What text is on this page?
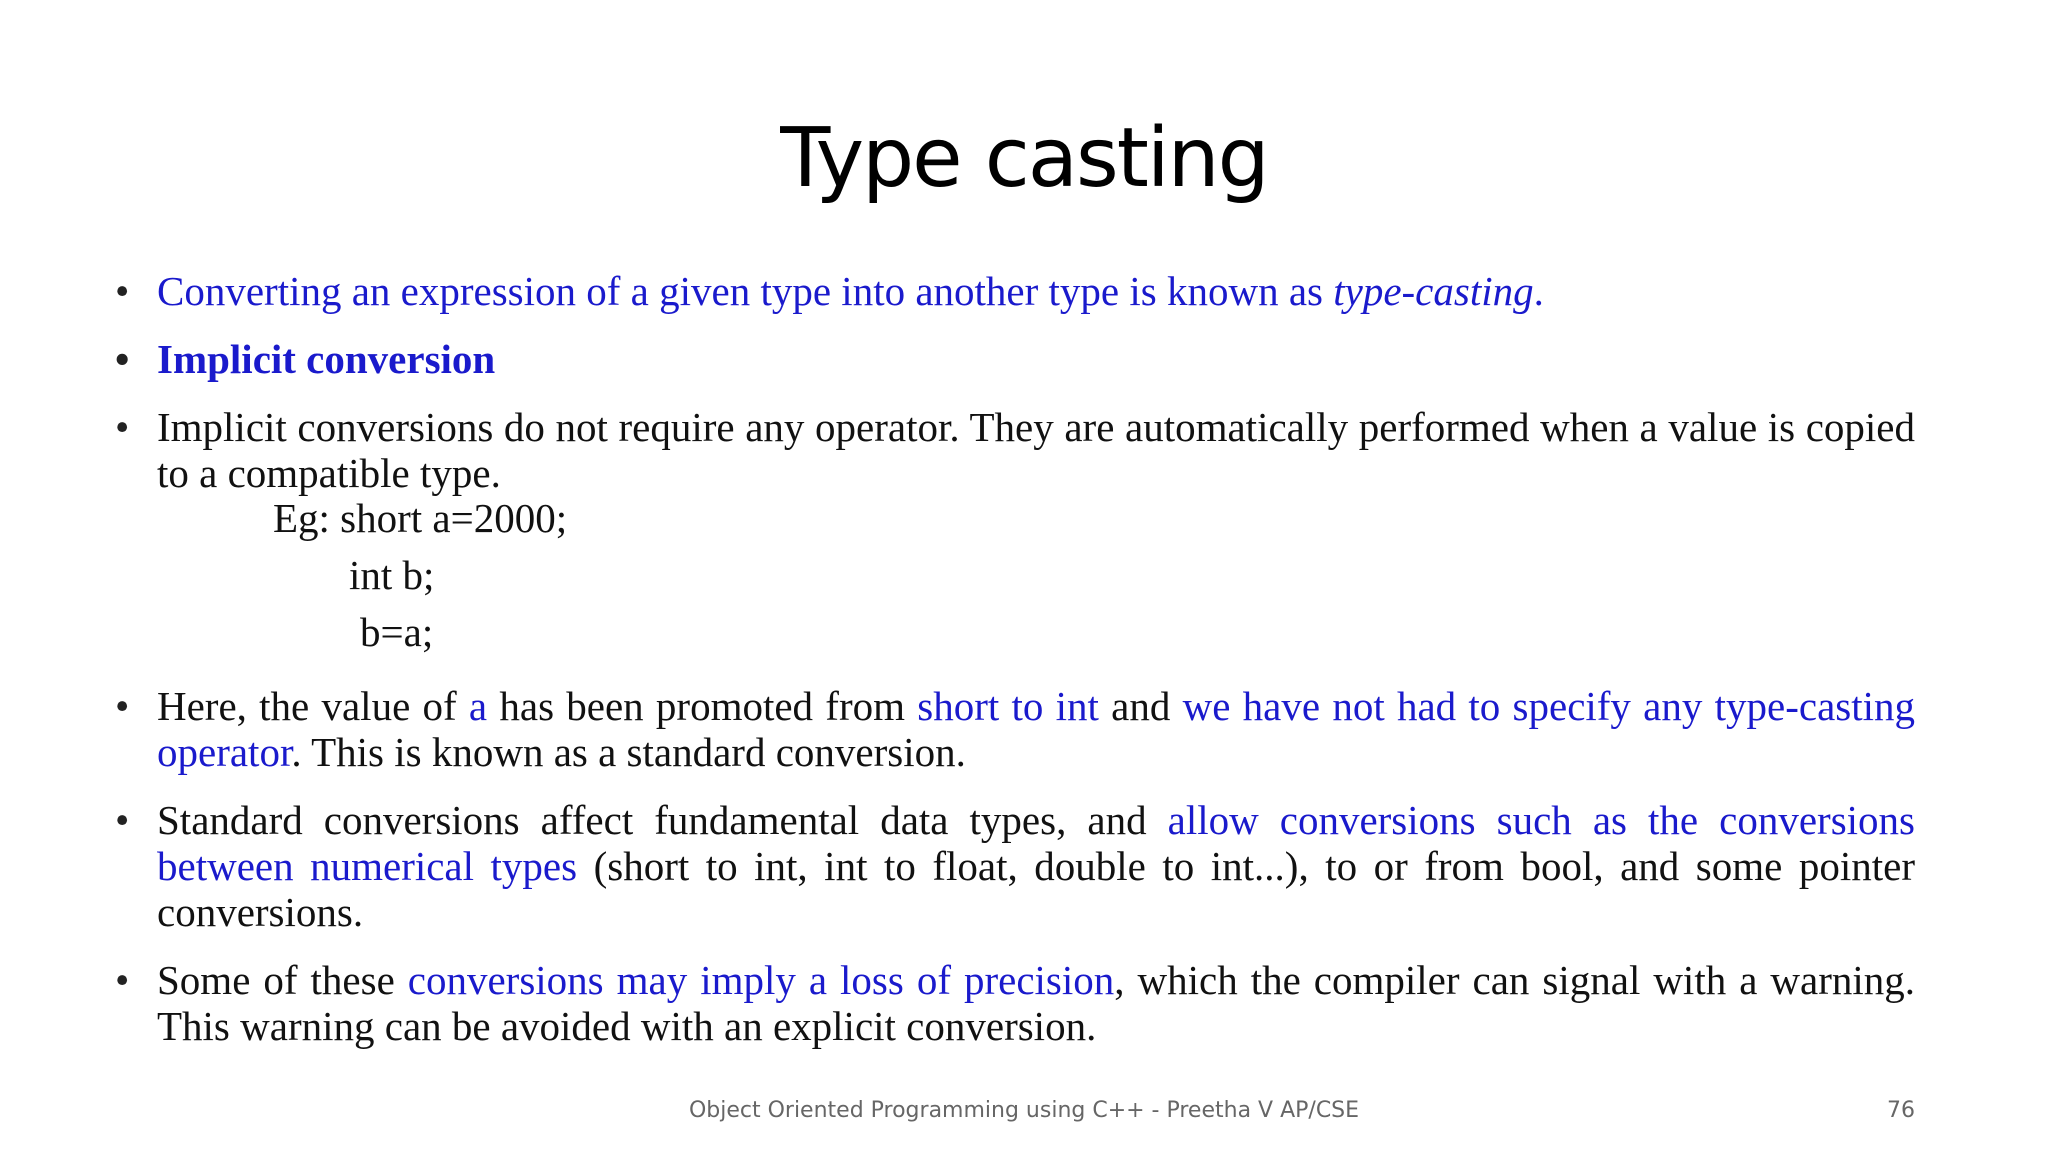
Type casting
• Converting an expression of a given type into another type is known as type-casting.
• Implicit conversion
• Implicit conversions do not require any operator. They are automatically performed when a value is copied to a compatible type.
Eg: short a=2000;
int b;
b=a;
• Here, the value of a has been promoted from short to int and we have not had to specify any type-casting operator. This is known as a standard conversion.
• Standard conversions affect fundamental data types, and allow conversions such as the conversions between numerical types (short to int, int to float, double to int...), to or from bool, and some pointer conversions.
• Some of these conversions may imply a loss of precision, which the compiler can signal with a warning. This warning can be avoided with an explicit conversion.
Object Oriented Programming using C++ - Preetha V AP/CSE	76
